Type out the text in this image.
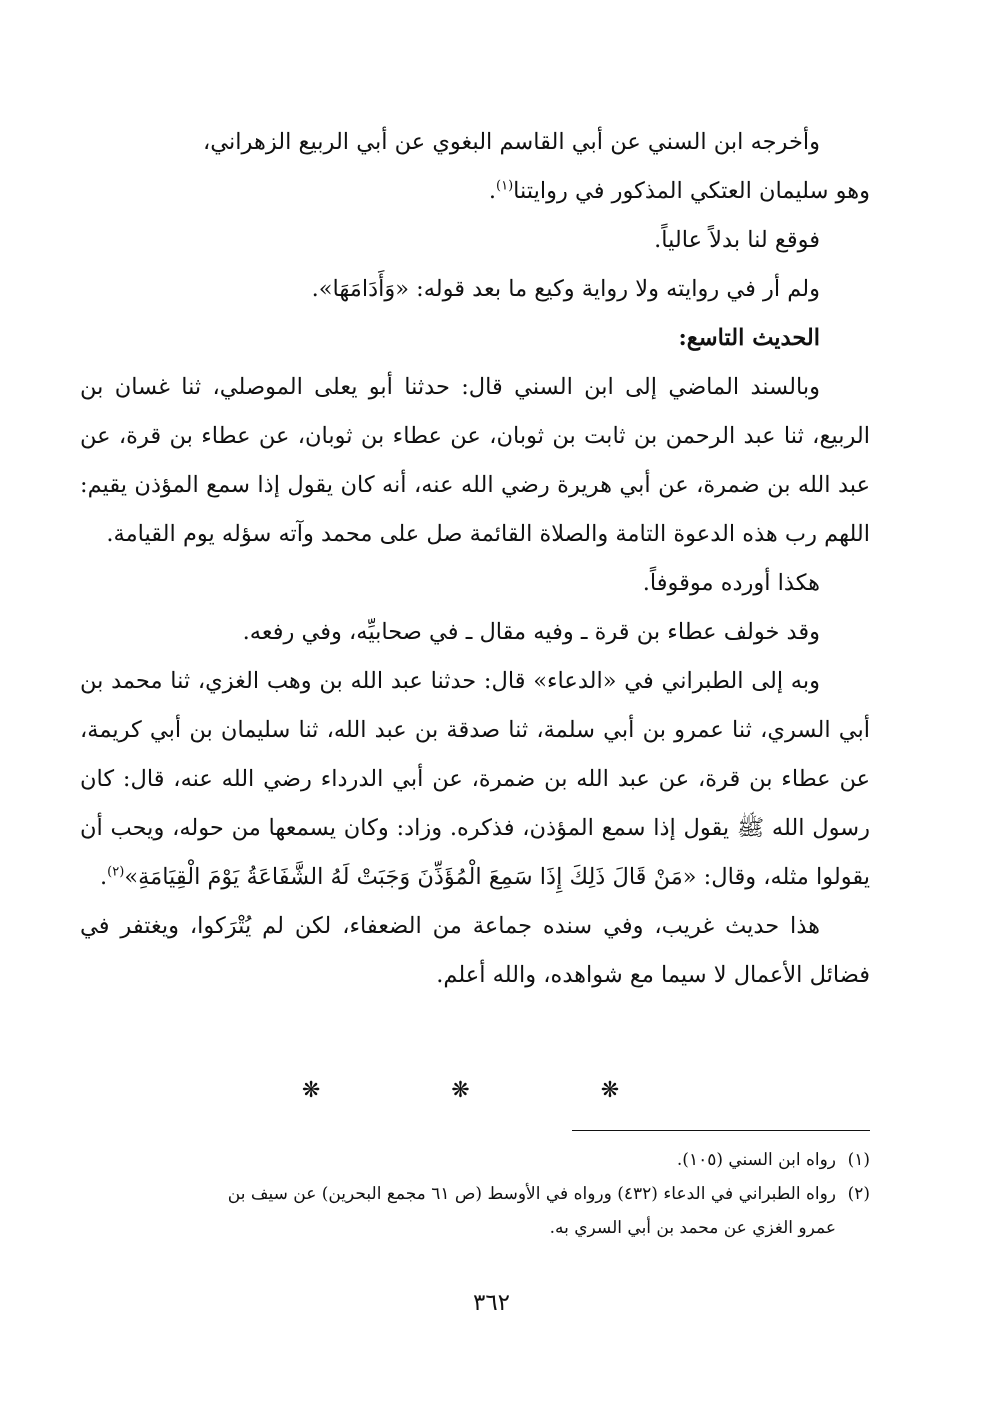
وأخرجه ابن السني عن أبي القاسم البغوي عن أبي الربيع الزهراني،
وهو سليمان العتكي المذكور في روايتنا$^{(١)}$.

فوقع لنا بدلاً عالياً.

ولم أر في روايته ولا رواية وكيع ما بعد قوله: «وَأَدَامَهَا».

الحديث التاسع:

وبالسند الماضي إلى ابن السني قال: حدثنا أبو يعلى الموصلي، ثنا غسان بن الربيع، ثنا عبد الرحمن بن ثابت بن ثوبان، عن عطاء بن ثوبان، عن عطاء بن قرة، عن عبد الله بن ضمرة، عن أبي هريرة رضي الله عنه، أنه كان يقول إذا سمع المؤذن يقيم: اللهم رب هذه الدعوة التامة والصلاة القائمة صل على محمد وآته سؤله يوم القيامة.

هكذا أورده موقوفاً.

وقد خولف عطاء بن قرة ـ وفيه مقال ـ في صحابيِّه، وفي رفعه.

وبه إلى الطبراني في «الدعاء» قال: حدثنا عبد الله بن وهب الغزي، ثنا محمد بن أبي السري، ثنا عمرو بن أبي سلمة، ثنا صدقة بن عبد الله، ثنا سليمان بن أبي كريمة، عن عطاء بن قرة، عن عبد الله بن ضمرة، عن أبي الدرداء رضي الله عنه، قال: كان رسول الله ﷺ يقول إذا سمع المؤذن، فذكره. وزاد: وكان يسمعها من حوله، ويحب أن يقولوا مثله، وقال: «مَنْ قَالَ ذَلِكَ إِذَا سَمِعَ الْمُؤَذِّنَ وَجَبَتْ لَهُ الشَّفَاعَةُ يَوْمَ الْقِيَامَةِ»$^{(٢)}$.

هذا حديث غريب، وفي سنده جماعة من الضعفاء، لكن لم يُتْرَكوا، ويغتفر في فضائل الأعمال لا سيما مع شواهده، والله أعلم.

❋ ❋ ❋

(١)رواه ابن السني (١٠٥).

(٢)رواه الطبراني في الدعاء (٤٣٢) ورواه في الأوسط (ص ٦١ مجمع البحرين) عن سيف بن

عمرو الغزي عن محمد بن أبي السري به.

٣٦٢
